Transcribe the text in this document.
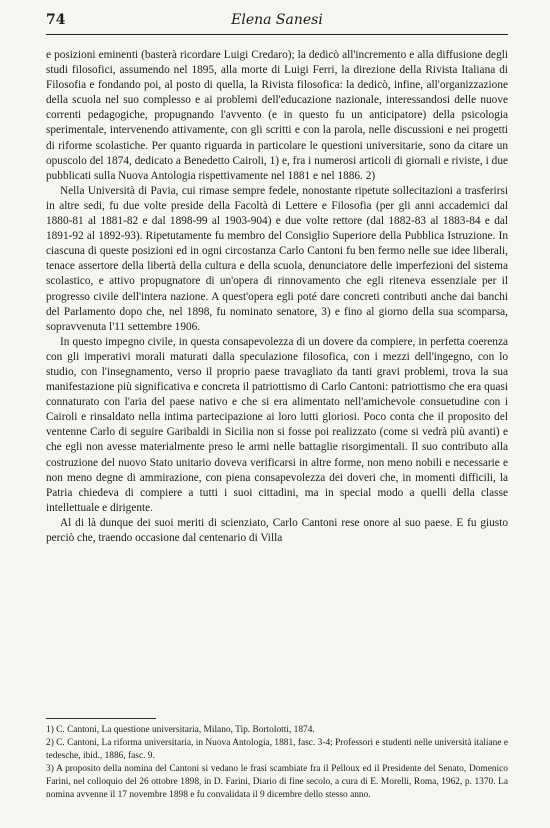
74	Elena Sanesi

e posizioni eminenti (basterà ricordare Luigi Credaro); la dedicò all'incremento e alla diffusione degli studi filosofici, assumendo nel 1895, alla morte di Luigi Ferri, la direzione della Rivista Italiana di Filosofia e fondando poi, al posto di quella, la Rivista filosofica: la dedicò, infine, all'organizzazione della scuola nel suo complesso e ai problemi dell'educazione nazionale, interessandosi delle nuove correnti pedagogiche, propugnando l'avvento (e in questo fu un anticipatore) della psicologia sperimentale, intervenendo attivamente, con gli scritti e con la parola, nelle discussioni e nei progetti di riforme scolastiche. Per quanto riguarda in particolare le questioni universitarie, sono da citare un opuscolo del 1874, dedicato a Benedetto Cairoli, 1) e, fra i numerosi articoli di giornali e riviste, i due pubblicati sulla Nuova Antologia rispettivamente nel 1881 e nel 1886. 2)

Nella Università di Pavia, cui rimase sempre fedele, nonostante ripetute sollecitazioni a trasferirsi in altre sedi, fu due volte preside della Facoltà di Lettere e Filosofia (per gli anni accademici dal 1880-81 al 1881-82 e dal 1898-99 al 1903-904) e due volte rettore (dal 1882-83 al 1883-84 e dal 1891-92 al 1892-93). Ripetutamente fu membro del Consiglio Superiore della Pubblica Istruzione. In ciascuna di queste posizioni ed in ogni circostanza Carlo Cantoni fu ben fermo nelle sue idee liberali, tenace assertore della libertà della cultura e della scuola, denunciatore delle imperfezioni del sistema scolastico, e attivo propugnatore di un'opera di rinnovamento che egli riteneva essenziale per il progresso civile dell'intera nazione. A quest'opera egli poté dare concreti contributi anche dai banchi del Parlamento dopo che, nel 1898, fu nominato senatore, 3) e fino al giorno della sua scomparsa, sopravvenuta l'11 settembre 1906.

In questo impegno civile, in questa consapevolezza di un dovere da compiere, in perfetta coerenza con gli imperativi morali maturati dalla speculazione filosofica, con i mezzi dell'ingegno, con lo studio, con l'insegnamento, verso il proprio paese travagliato da tanti gravi problemi, trova la sua manifestazione più significativa e concreta il patriottismo di Carlo Cantoni: patriottismo che era quasi connaturato con l'aria del paese nativo e che si era alimentato nell'amichevole consuetudine con i Cairoli e rinsaldato nella intima partecipazione ai loro lutti gloriosi. Poco conta che il proposito del ventenne Carlo di seguire Garibaldi in Sicilia non si fosse poi realizzato (come si vedrà più avanti) e che egli non avesse materialmente preso le armi nelle battaglie risorgimentali. Il suo contributo alla costruzione del nuovo Stato unitario doveva verificarsi in altre forme, non meno nobili e necessarie e non meno degne di ammirazione, con piena consapevolezza dei doveri che, in momenti difficili, la Patria chiedeva di compiere a tutti i suoi cittadini, ma in special modo a quelli della classe intellettuale e dirigente.

Al di là dunque dei suoi meriti di scienziato, Carlo Cantoni rese onore al suo paese. E fu giusto perciò che, traendo occasione dal centenario di Villa

1) C. Cantoni, La questione universitaria, Milano, Tip. Bortolotti, 1874.

2) C. Cantoni, La riforma universitaria, in Nuova Antologia, 1881, fasc. 3-4; Professori e studenti nelle università italiane e tedesche, ibid., 1886, fasc. 9.

3) A proposito della nomina del Cantoni si vedano le frasi scambiate fra il Pelloux ed il Presidente del Senato, Domenico Farini, nel colloquio del 26 ottobre 1898, in D. Farini, Diario di fine secolo, a cura di E. Morelli, Roma, 1962, p. 1370. La nomina avvenne il 17 novembre 1898 e fu convalidata il 9 dicembre dello stesso anno.
